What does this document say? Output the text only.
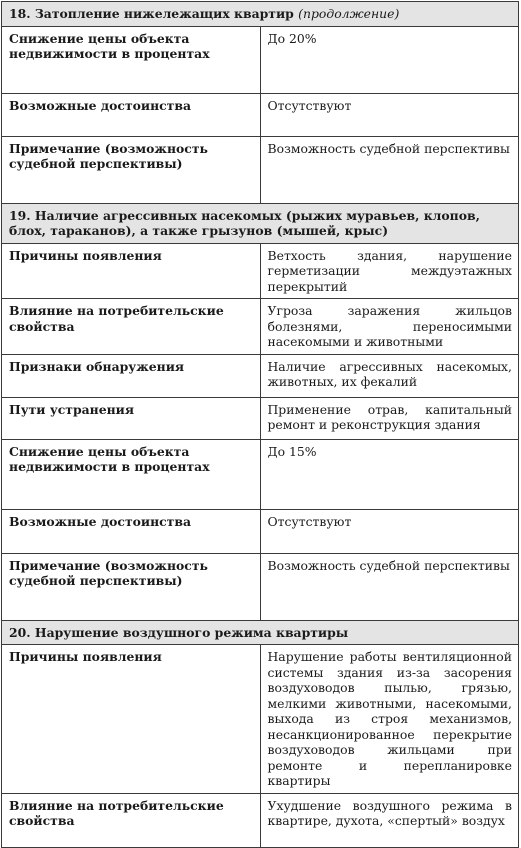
18. Затопление нижележащих квартир (продолжение)	
Снижение цены объекта недвижимости в процентах	До 20%
Возможные достоинства	Отсутствуют
Примечание (возможность судебной перспективы)	Возможность судебной перспективы
19. Наличие агрессивных насекомых (рыжих муравьев, клопов, блох, тараканов), а также грызунов (мышей, крыс)	
Причины появления	Ветхость здания, нарушение герметизации междуэтажных перекрытий
Влияние на потребительские свойства	Угроза заражения жильцов болезнями, переносимыми насекомыми и животными
Признаки обнаружения	Наличие агрессивных насекомых, животных, их фекалий
Пути устранения	Применение отрав, капитальный ремонт и реконструкция здания
Снижение цены объекта недвижимости в процентах	До 15%
Возможные достоинства	Отсутствуют
Примечание (возможность судебной перспективы)	Возможность судебной перспективы
20. Нарушение воздушного режима квартиры	
Причины появления	Нарушение работы вентиляционной системы здания из-за засорения воздуховодов пылью, грязью, мелкими животными, насекомыми, выхода из строя механизмов, несанкционированное перекрытие воздуховодов жильцами при ремонте и перепланировке квартиры
Влияние на потребительские свойства	Ухудшение воздушного режима в квартире, духота, «спертый» воздух
